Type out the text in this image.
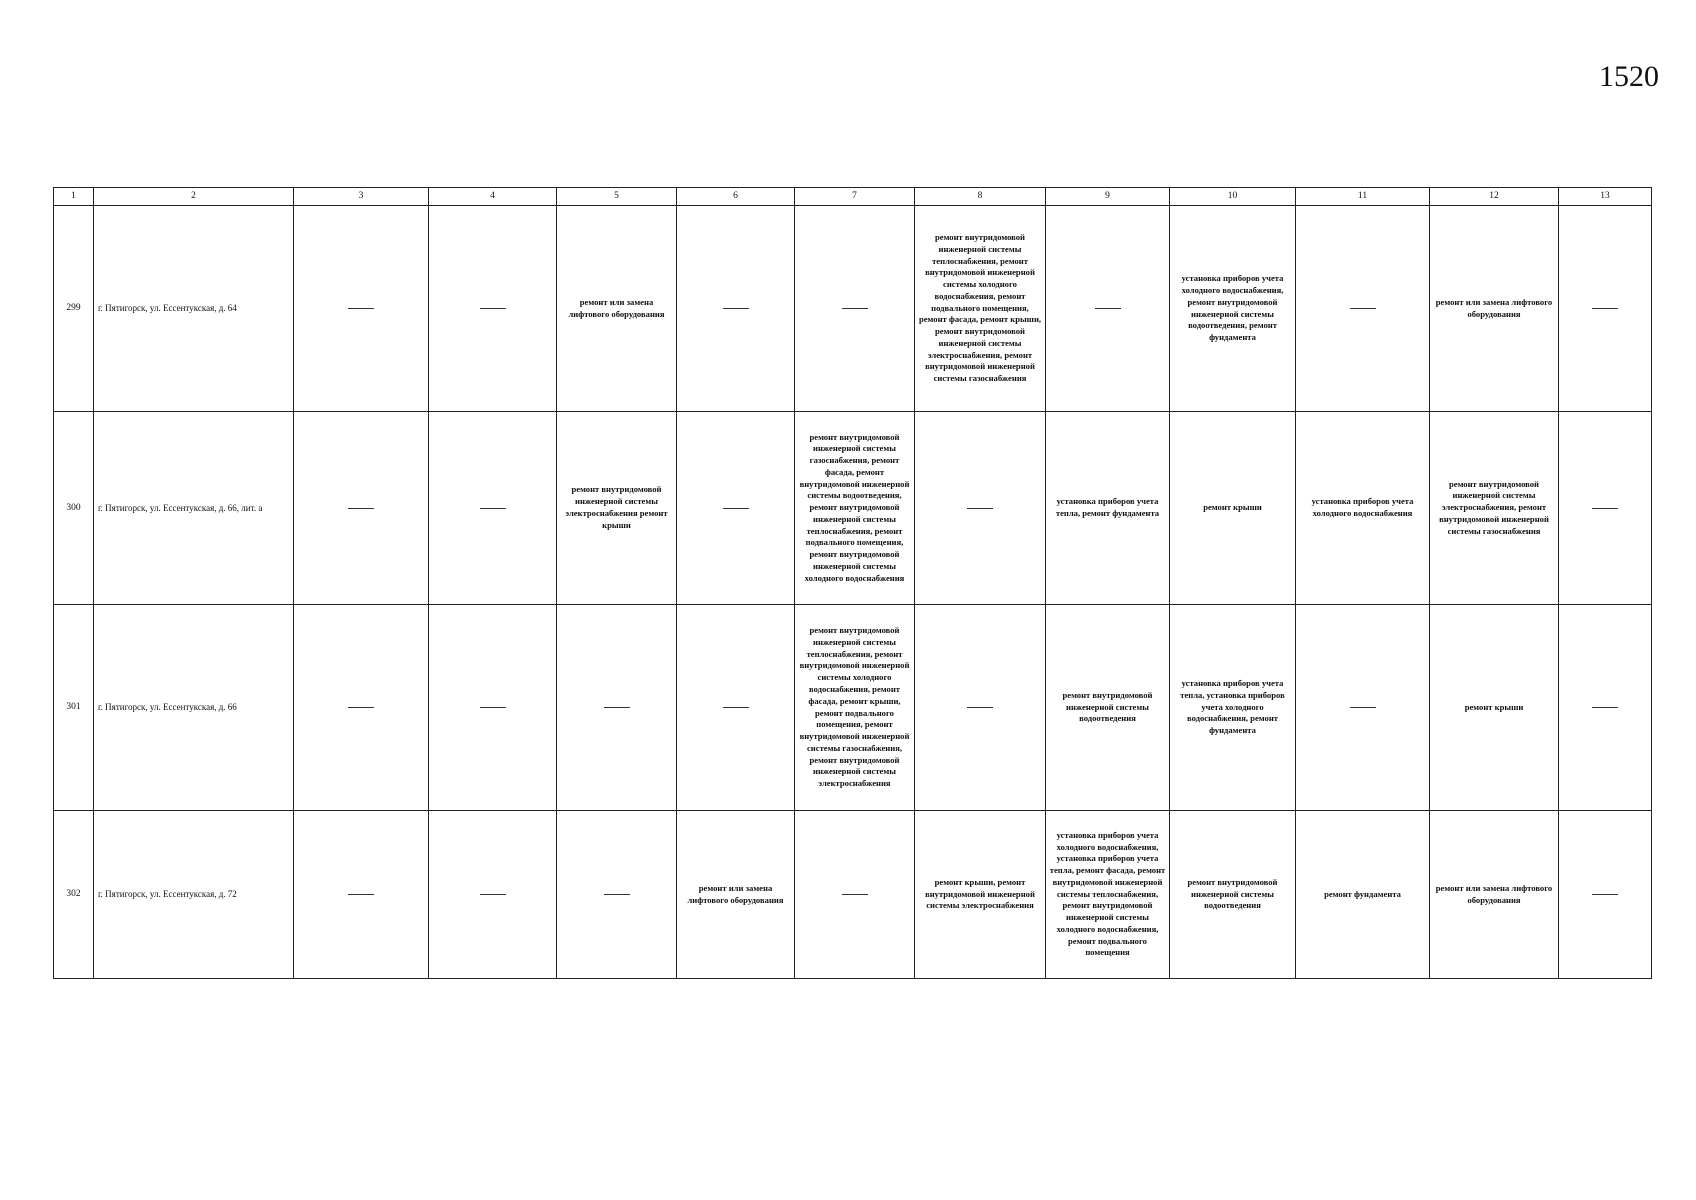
1520
1	2	3	4	5	6	7	8	9	10	11	12	13
299	г. Пятигорск, ул. Ессентукская, д. 64			ремонт или замена лифтового оборудования			ремонт внутридомовой инженерной системы теплоснабжения, ремонт внутридомовой инженерной системы холодного водоснабжения, ремонт подвального помещения, ремонт фасада, ремонт крыши, ремонт внутридомовой инженерной системы электроснабжения, ремонт внутридомовой инженерной системы газоснабжения		установка приборов учета холодного водоснабжения, ремонт внутридомовой инженерной системы водоотведения, ремонт фундамента		ремонт или замена лифтового оборудования	
300	г. Пятигорск, ул. Ессентукская, д. 66, лит. а			ремонт внутридомовой инженерной системы электроснабжения ремонт крыши		ремонт внутридомовой инженерной системы газоснабжения, ремонт фасада, ремонт внутридомовой инженерной системы водоотведения, ремонт внутридомовой инженерной системы теплоснабжения, ремонт подвального помещения, ремонт внутридомовой инженерной системы холодного водоснабжения		установка приборов учета тепла, ремонт фундамента	ремонт крыши	установка приборов учета холодного водоснабжения	ремонт внутридомовой инженерной системы электроснабжения, ремонт внутридомовой инженерной системы газоснабжения	
301	г. Пятигорск, ул. Ессентукская, д. 66					ремонт внутридомовой инженерной системы теплоснабжения, ремонт внутридомовой инженерной системы холодного водоснабжения, ремонт фасада, ремонт крыши, ремонт подвального помещения, ремонт внутридомовой инженерной системы газоснабжения, ремонт внутридомовой инженерной системы электроснабжения		ремонт внутридомовой инженерной системы водоотведения	установка приборов учета тепла, установка приборов учета холодного водоснабжения, ремонт фундамента		ремонт крыши	
302	г. Пятигорск, ул. Ессентукская, д. 72				ремонт или замена лифтового оборудования		ремонт крыши, ремонт внутридомовой инженерной системы электроснабжения	установка приборов учета холодного водоснабжения, установка приборов учета тепла, ремонт фасада, ремонт внутридомовой инженерной системы теплоснабжения, ремонт внутридомовой инженерной системы холодного водоснабжения, ремонт подвального помещения	ремонт внутридомовой инженерной системы водоотведения	ремонт фундамента	ремонт или замена лифтового оборудования	
